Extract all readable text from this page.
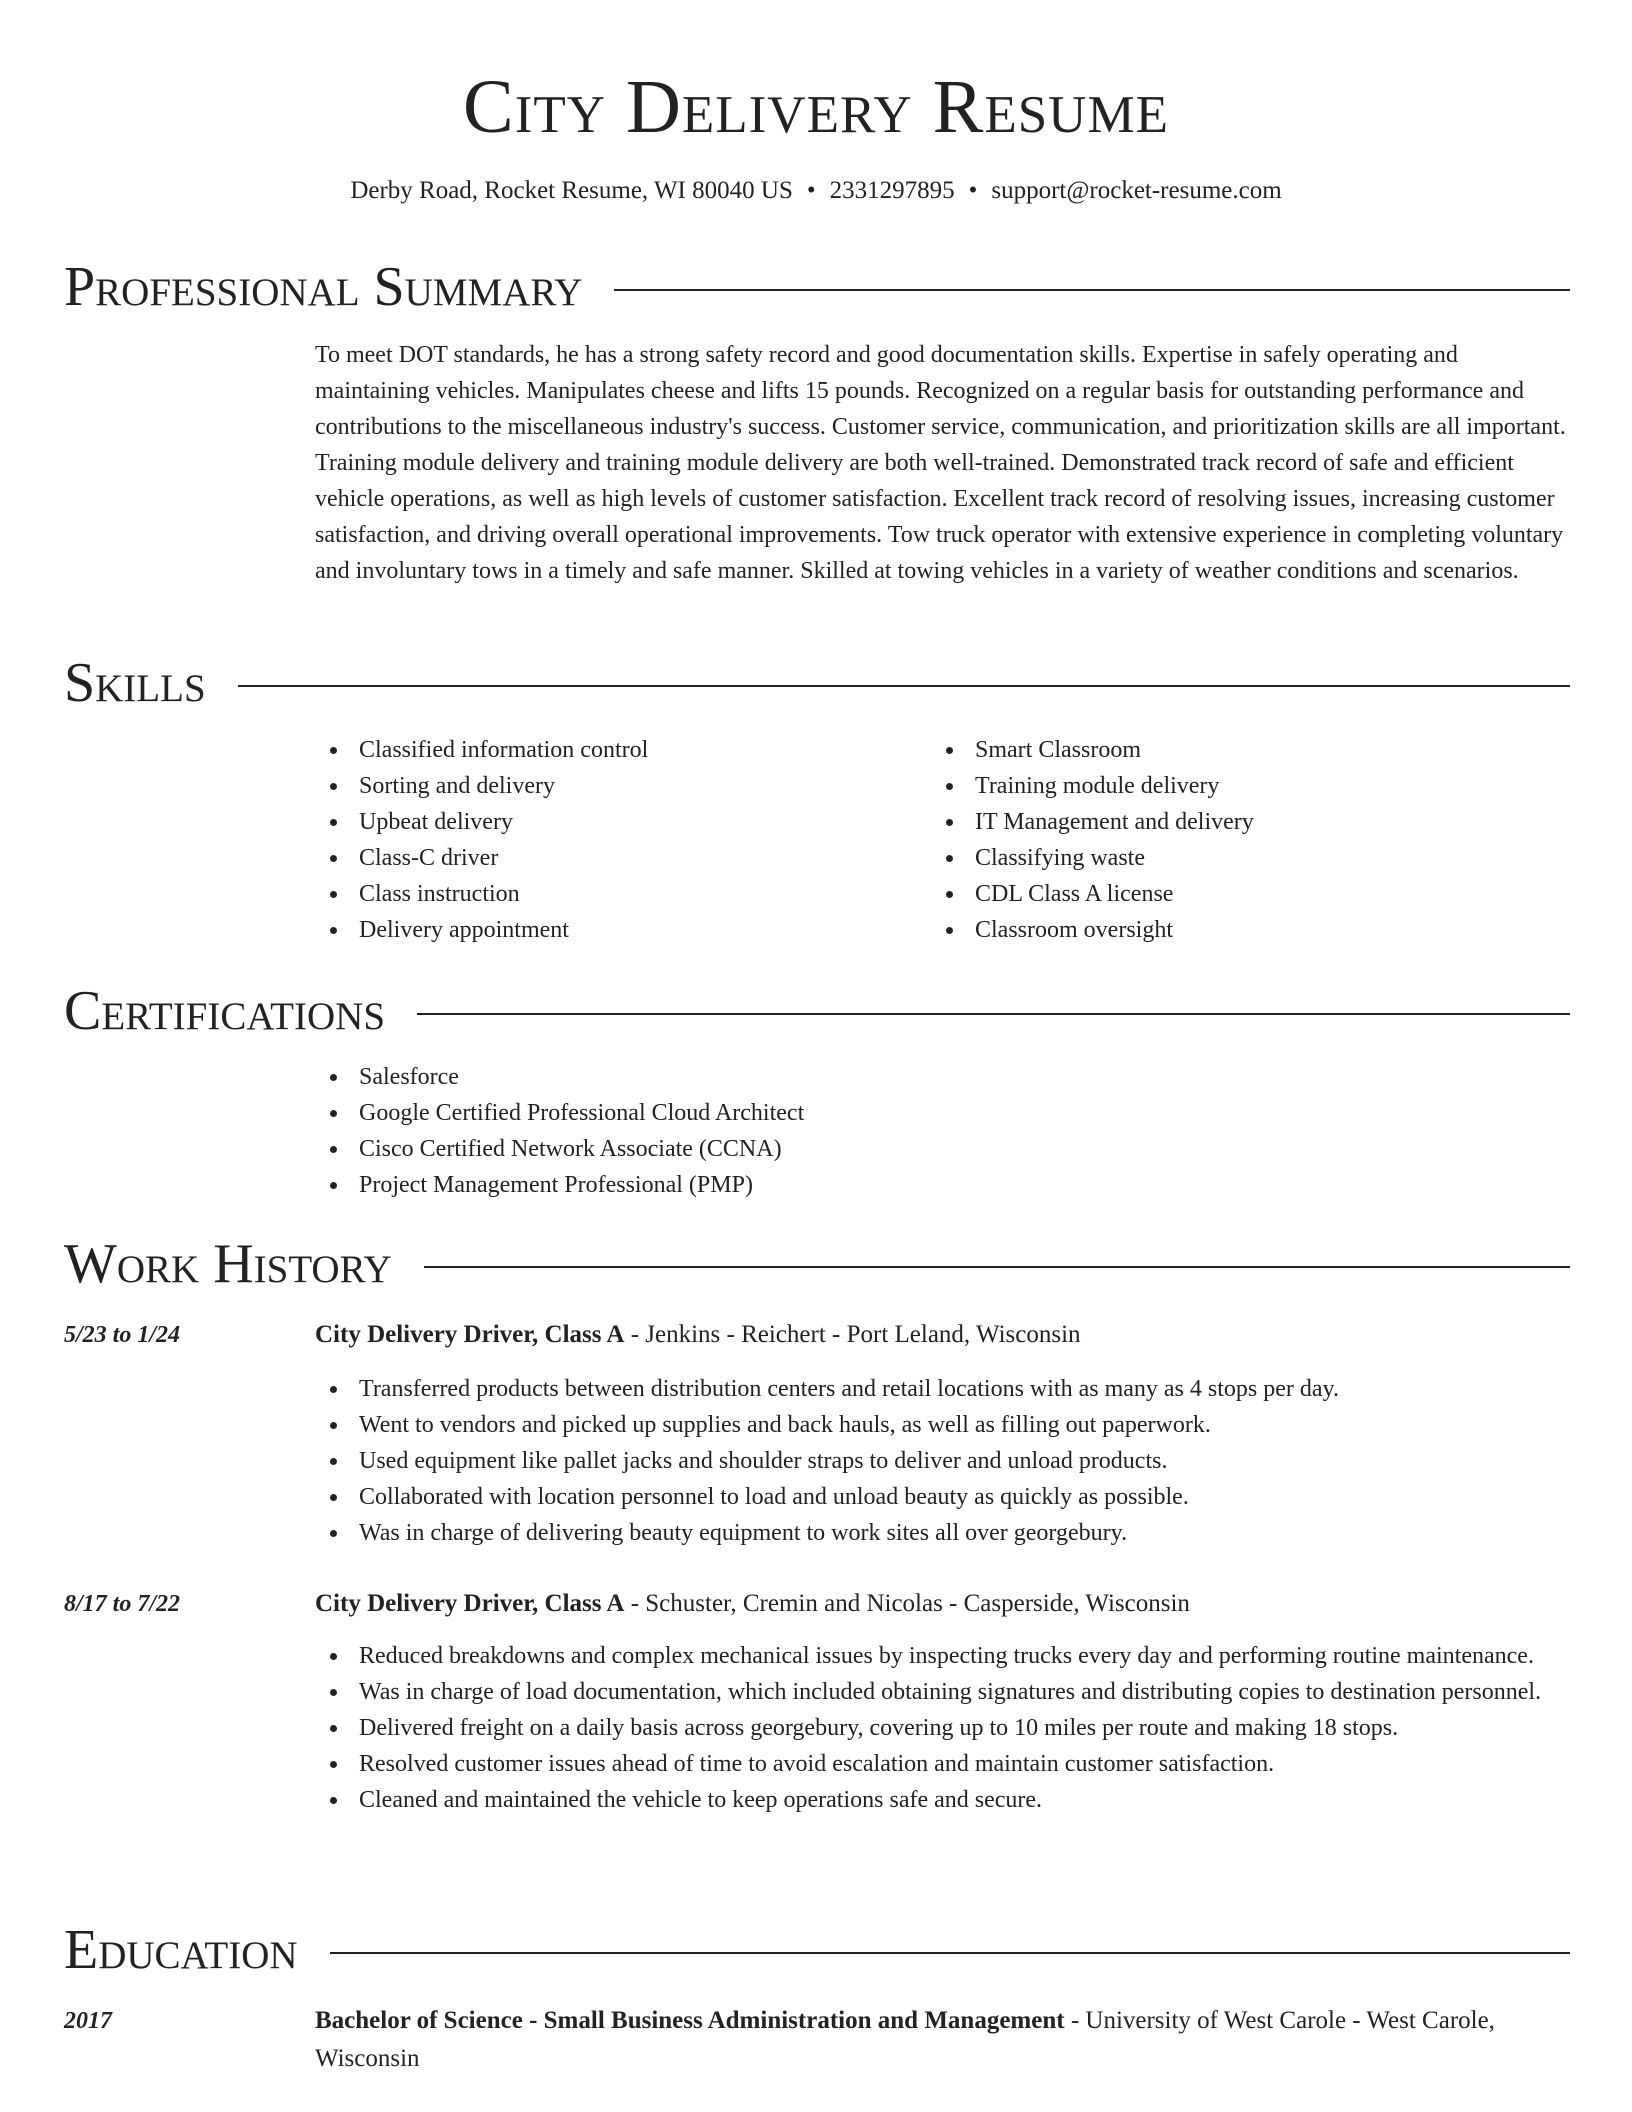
City Delivery Resume
Derby Road, Rocket Resume, WI 80040 US • 2331297895 • support@rocket-resume.com
Professional Summary
To meet DOT standards, he has a strong safety record and good documentation skills. Expertise in safely operating and maintaining vehicles. Manipulates cheese and lifts 15 pounds. Recognized on a regular basis for outstanding performance and contributions to the miscellaneous industry's success. Customer service, communication, and prioritization skills are all important. Training module delivery and training module delivery are both well-trained. Demonstrated track record of safe and efficient vehicle operations, as well as high levels of customer satisfaction. Excellent track record of resolving issues, increasing customer satisfaction, and driving overall operational improvements. Tow truck operator with extensive experience in completing voluntary and involuntary tows in a timely and safe manner. Skilled at towing vehicles in a variety of weather conditions and scenarios.
Skills
Classified information control
Sorting and delivery
Upbeat delivery
Class-C driver
Class instruction
Delivery appointment
Smart Classroom
Training module delivery
IT Management and delivery
Classifying waste
CDL Class A license
Classroom oversight
Certifications
Salesforce
Google Certified Professional Cloud Architect
Cisco Certified Network Associate (CCNA)
Project Management Professional (PMP)
Work History
5/23 to 1/24	City Delivery Driver, Class A - Jenkins - Reichert - Port Leland, Wisconsin
Transferred products between distribution centers and retail locations with as many as 4 stops per day.
Went to vendors and picked up supplies and back hauls, as well as filling out paperwork.
Used equipment like pallet jacks and shoulder straps to deliver and unload products.
Collaborated with location personnel to load and unload beauty as quickly as possible.
Was in charge of delivering beauty equipment to work sites all over georgebury.
8/17 to 7/22	City Delivery Driver, Class A - Schuster, Cremin and Nicolas - Casperside, Wisconsin
Reduced breakdowns and complex mechanical issues by inspecting trucks every day and performing routine maintenance.
Was in charge of load documentation, which included obtaining signatures and distributing copies to destination personnel.
Delivered freight on a daily basis across georgebury, covering up to 10 miles per route and making 18 stops.
Resolved customer issues ahead of time to avoid escalation and maintain customer satisfaction.
Cleaned and maintained the vehicle to keep operations safe and secure.
Education
2017	Bachelor of Science - Small Business Administration and Management - University of West Carole - West Carole, Wisconsin
